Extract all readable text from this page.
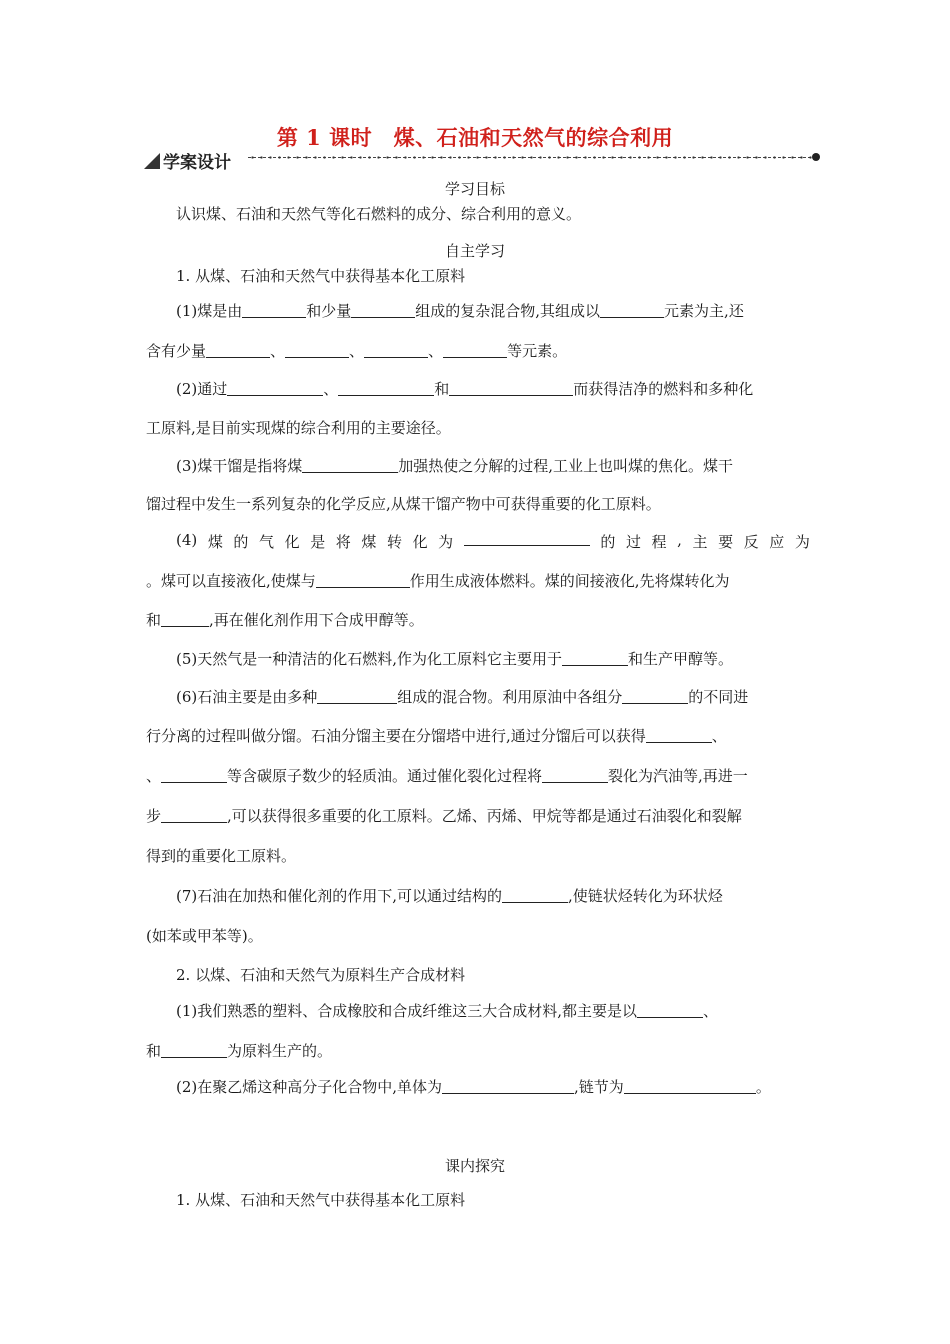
第 1 课时　煤、石油和天然气的综合利用
学案设计
学习目标
认识煤、石油和天然气等化石燃料的成分、综合利用的意义。
自主学习
1. 从煤、石油和天然气中获得基本化工原料
(1)煤是由	和少量	组成的复杂混合物,其组成以	元素为主,还
含有少量	、	、	、	等元素。
(2)通过	、	和	而获得洁净的燃料和多种化
工原料,是目前实现煤的综合利用的主要途径。
(3)煤干馏是指将煤	加强热使之分解的过程,工业上也叫煤的焦化。煤干
馏过程中发生一系列复杂的化学反应,从煤干馏产物中可获得重要的化工原料。
(4) 煤 的 气 化 是 将 煤 转 化 为	的 过 程 , 主 要 反 应 为
。煤可以直接液化,使煤与	作用生成液体燃料。煤的间接液化,先将煤转化为
和	,再在催化剂作用下合成甲醇等。
(5)天然气是一种清洁的化石燃料,作为化工原料它主要用于	和生产甲醇等。
(6)石油主要是由多种	组成的混合物。利用原油中各组分	的不同进
行分离的过程叫做分馏。石油分馏主要在分馏塔中进行,通过分馏后可以获得	、
、	等含碳原子数少的轻质油。通过催化裂化过程将	裂化为汽油等,再进一
步	,可以获得很多重要的化工原料。乙烯、丙烯、甲烷等都是通过石油裂化和裂解
得到的重要化工原料。
(7)石油在加热和催化剂的作用下,可以通过结构的	,使链状烃转化为环状烃
(如苯或甲苯等)。
2. 以煤、石油和天然气为原料生产合成材料
(1)我们熟悉的塑料、合成橡胶和合成纤维这三大合成材料,都主要是以	、
和	为原料生产的。
(2)在聚乙烯这种高分子化合物中,单体为	,链节为	。
课内探究
1. 从煤、石油和天然气中获得基本化工原料
